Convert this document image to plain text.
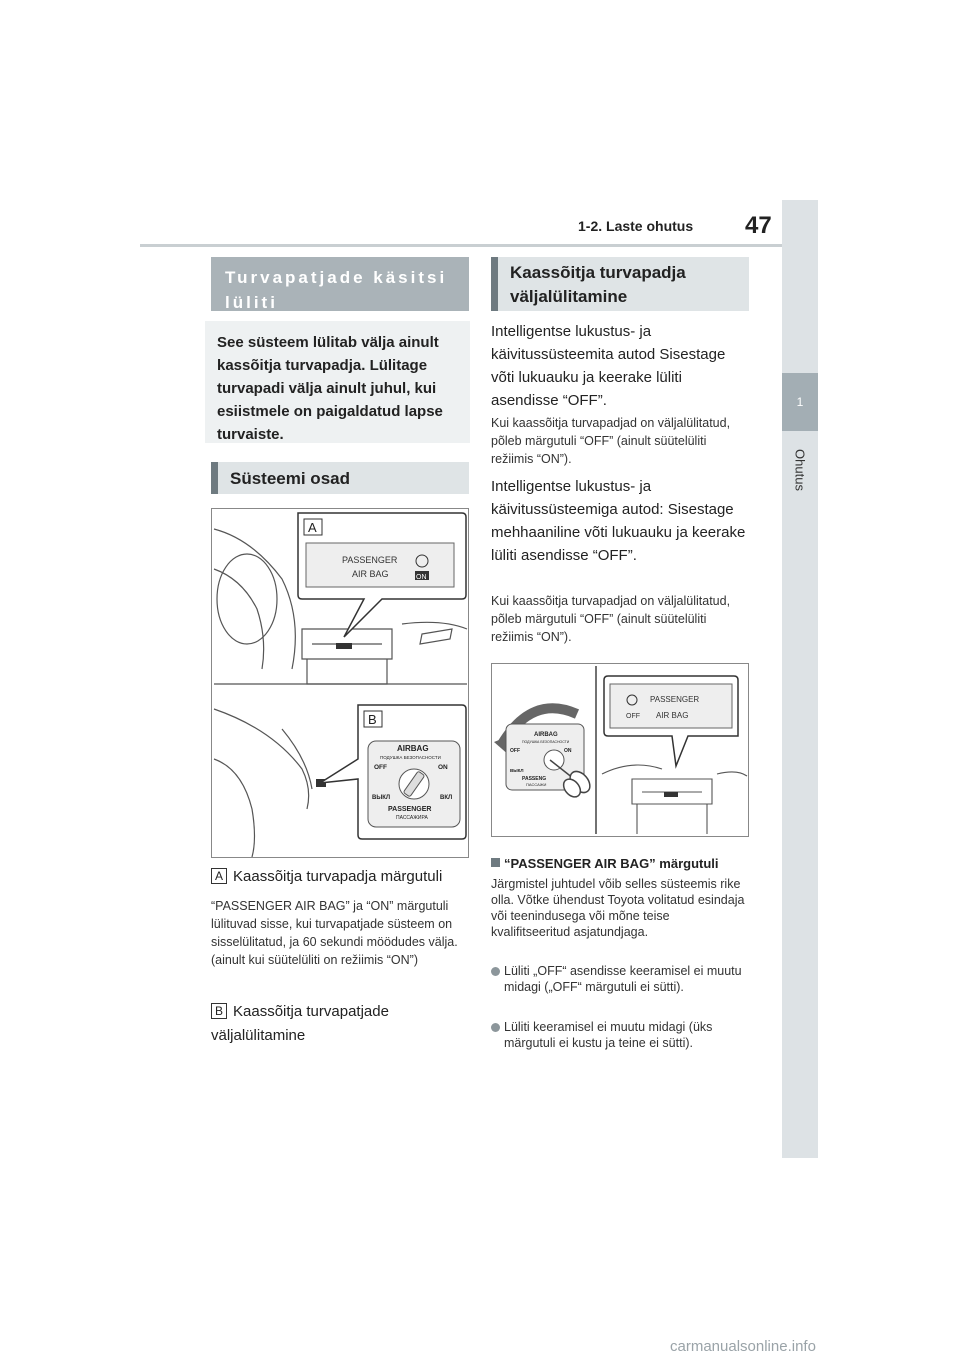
1-2. Laste ohutus 47
1
Ohutus
Turvapatjade käsitsi lüliti
See süsteem lülitab välja ainult kassõitja turvapadja. Lülitage turvapadi välja ainult juhul, kui esiistmele on paigaldatud lapse turvaiste.
Süsteemi osad
PASSENGER
AIR BAG	ON
A
B
AIRBAG
ПОДУШКА БЕЗОПАСНОСТИ
OFF	ON
ВЫКЛ	ВКЛ
PASSENGER
ПАССАЖИРА
A Kaassõitja turvapadja märgutuli
“PASSENGER AIR BAG” ja “ON” märgutuli lülituvad sisse, kui turvapatjade süsteem on sisselülitatud, ja 60 sekundi möödudes välja. (ainult kui süütelüliti on režiimis “ON”)
B Kaassõitja turvapatjade väljalülitamine
Kaassõitja turvapadja väljalülitamine
Intelligentse lukustus- ja käivitussüsteemita autod Sisestage võti lukuauku ja keerake lüliti asendisse “OFF”.
Kui kaassõitja turvapadjad on väljalülitatud, põleb märgutuli “OFF” (ainult süütelüliti režiimis “ON”).
Intelligentse lukustus- ja käivitussüsteemiga autod: Sisestage mehhaaniline võti lukuauku ja keerake lüliti asendisse “OFF”.
Kui kaassõitja turvapadjad on väljalülitatud, põleb märgutuli “OFF” (ainult süütelüliti režiimis “ON”).
AIRBAG
ПОДУШКА БЕЗОПАСНОСТИ
OFF	ON
ВЫКЛ
PASSENG
ПАССАЖИ
PASSENGER
OFF AIR BAG
“PASSENGER AIR BAG” märgutuli
Järgmistel juhtudel võib selles süsteemis rike olla. Võtke ühendust Toyota volitatud esindaja või teenindusega või mõne teise kvalifitseeritud asjatundjaga.
Lüliti „OFF“ asendisse keeramisel ei muutu midagi („OFF“ märgutuli ei sütti).
Lüliti keeramisel ei muutu midagi (üks märgutuli ei kustu ja teine ei sütti).
carmanualsonline.info
